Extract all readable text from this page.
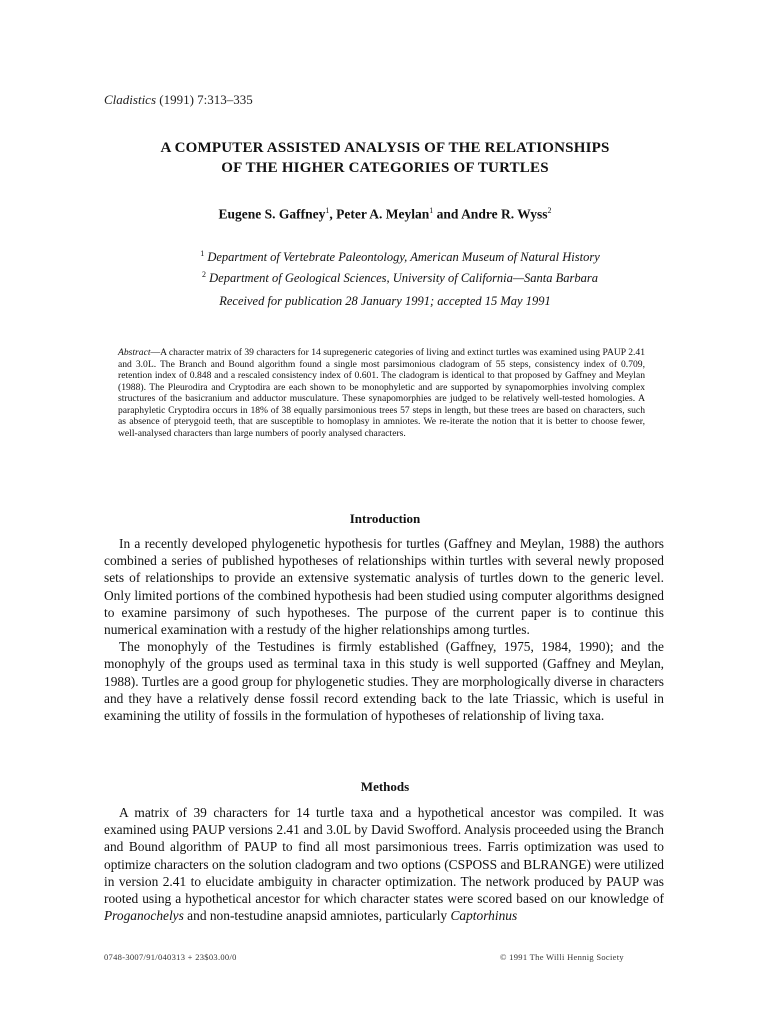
Cladistics (1991) 7:313–335
A COMPUTER ASSISTED ANALYSIS OF THE RELATIONSHIPS
OF THE HIGHER CATEGORIES OF TURTLES
Eugene S. Gaffney$^1$, Peter A. Meylan$^1$ and Andre R. Wyss$^2$
$^1$ Department of Vertebrate Paleontology, American Museum of Natural History
$^2$ Department of Geological Sciences, University of California—Santa Barbara
Received for publication 28 January 1991; accepted 15 May 1991
Abstract—A character matrix of 39 characters for 14 supregeneric categories of living and extinct turtles was examined using PAUP 2.41 and 3.0L. The Branch and Bound algorithm found a single most parsimonious cladogram of 55 steps, consistency index of 0.709, retention index of 0.848 and a rescaled consistency index of 0.601. The cladogram is identical to that proposed by Gaffney and Meylan (1988). The Pleurodira and Cryptodira are each shown to be monophyletic and are supported by synapomorphies involving complex structures of the basicranium and adductor musculature. These synapomorphies are judged to be relatively well-tested homologies. A paraphyletic Cryptodira occurs in 18% of 38 equally parsimonious trees 57 steps in length, but these trees are based on characters, such as absence of pterygoid teeth, that are susceptible to homoplasy in amniotes. We re-iterate the notion that it is better to choose fewer, well-analysed characters than large numbers of poorly analysed characters.
Introduction

In a recently developed phylogenetic hypothesis for turtles (Gaffney and Meylan, 1988) the authors combined a series of published hypotheses of relationships within turtles with several newly proposed sets of relationships to provide an extensive systematic analysis of turtles down to the generic level. Only limited portions of the combined hypothesis had been studied using computer algorithms designed to examine parsimony of such hypotheses. The purpose of the current paper is to continue this numerical examination with a restudy of the higher relationships among turtles.

The monophyly of the Testudines is firmly established (Gaffney, 1975, 1984, 1990); and the monophyly of the groups used as terminal taxa in this study is well supported (Gaffney and Meylan, 1988). Turtles are a good group for phylogenetic studies. They are morphologically diverse in characters and they have a relatively dense fossil record extending back to the late Triassic, which is useful in examining the utility of fossils in the formulation of hypotheses of relationship of living taxa.

Methods

A matrix of 39 characters for 14 turtle taxa and a hypothetical ancestor was compiled. It was examined using PAUP versions 2.41 and 3.0L by David Swofford. Analysis proceeded using the Branch and Bound algorithm of PAUP to find all most parsimonious trees. Farris optimization was used to optimize characters on the solution cladogram and two options (CSPOSS and BLRANGE) were utilized in version 2.41 to elucidate ambiguity in character optimization. The network produced by PAUP was rooted using a hypothetical ancestor for which character states were scored based on our knowledge of Proganochelys and non-testudine anapsid amniotes, particularly Captorhinus

0748-3007/91/040313 + 23$03.00/0	© 1991 The Willi Hennig Society
